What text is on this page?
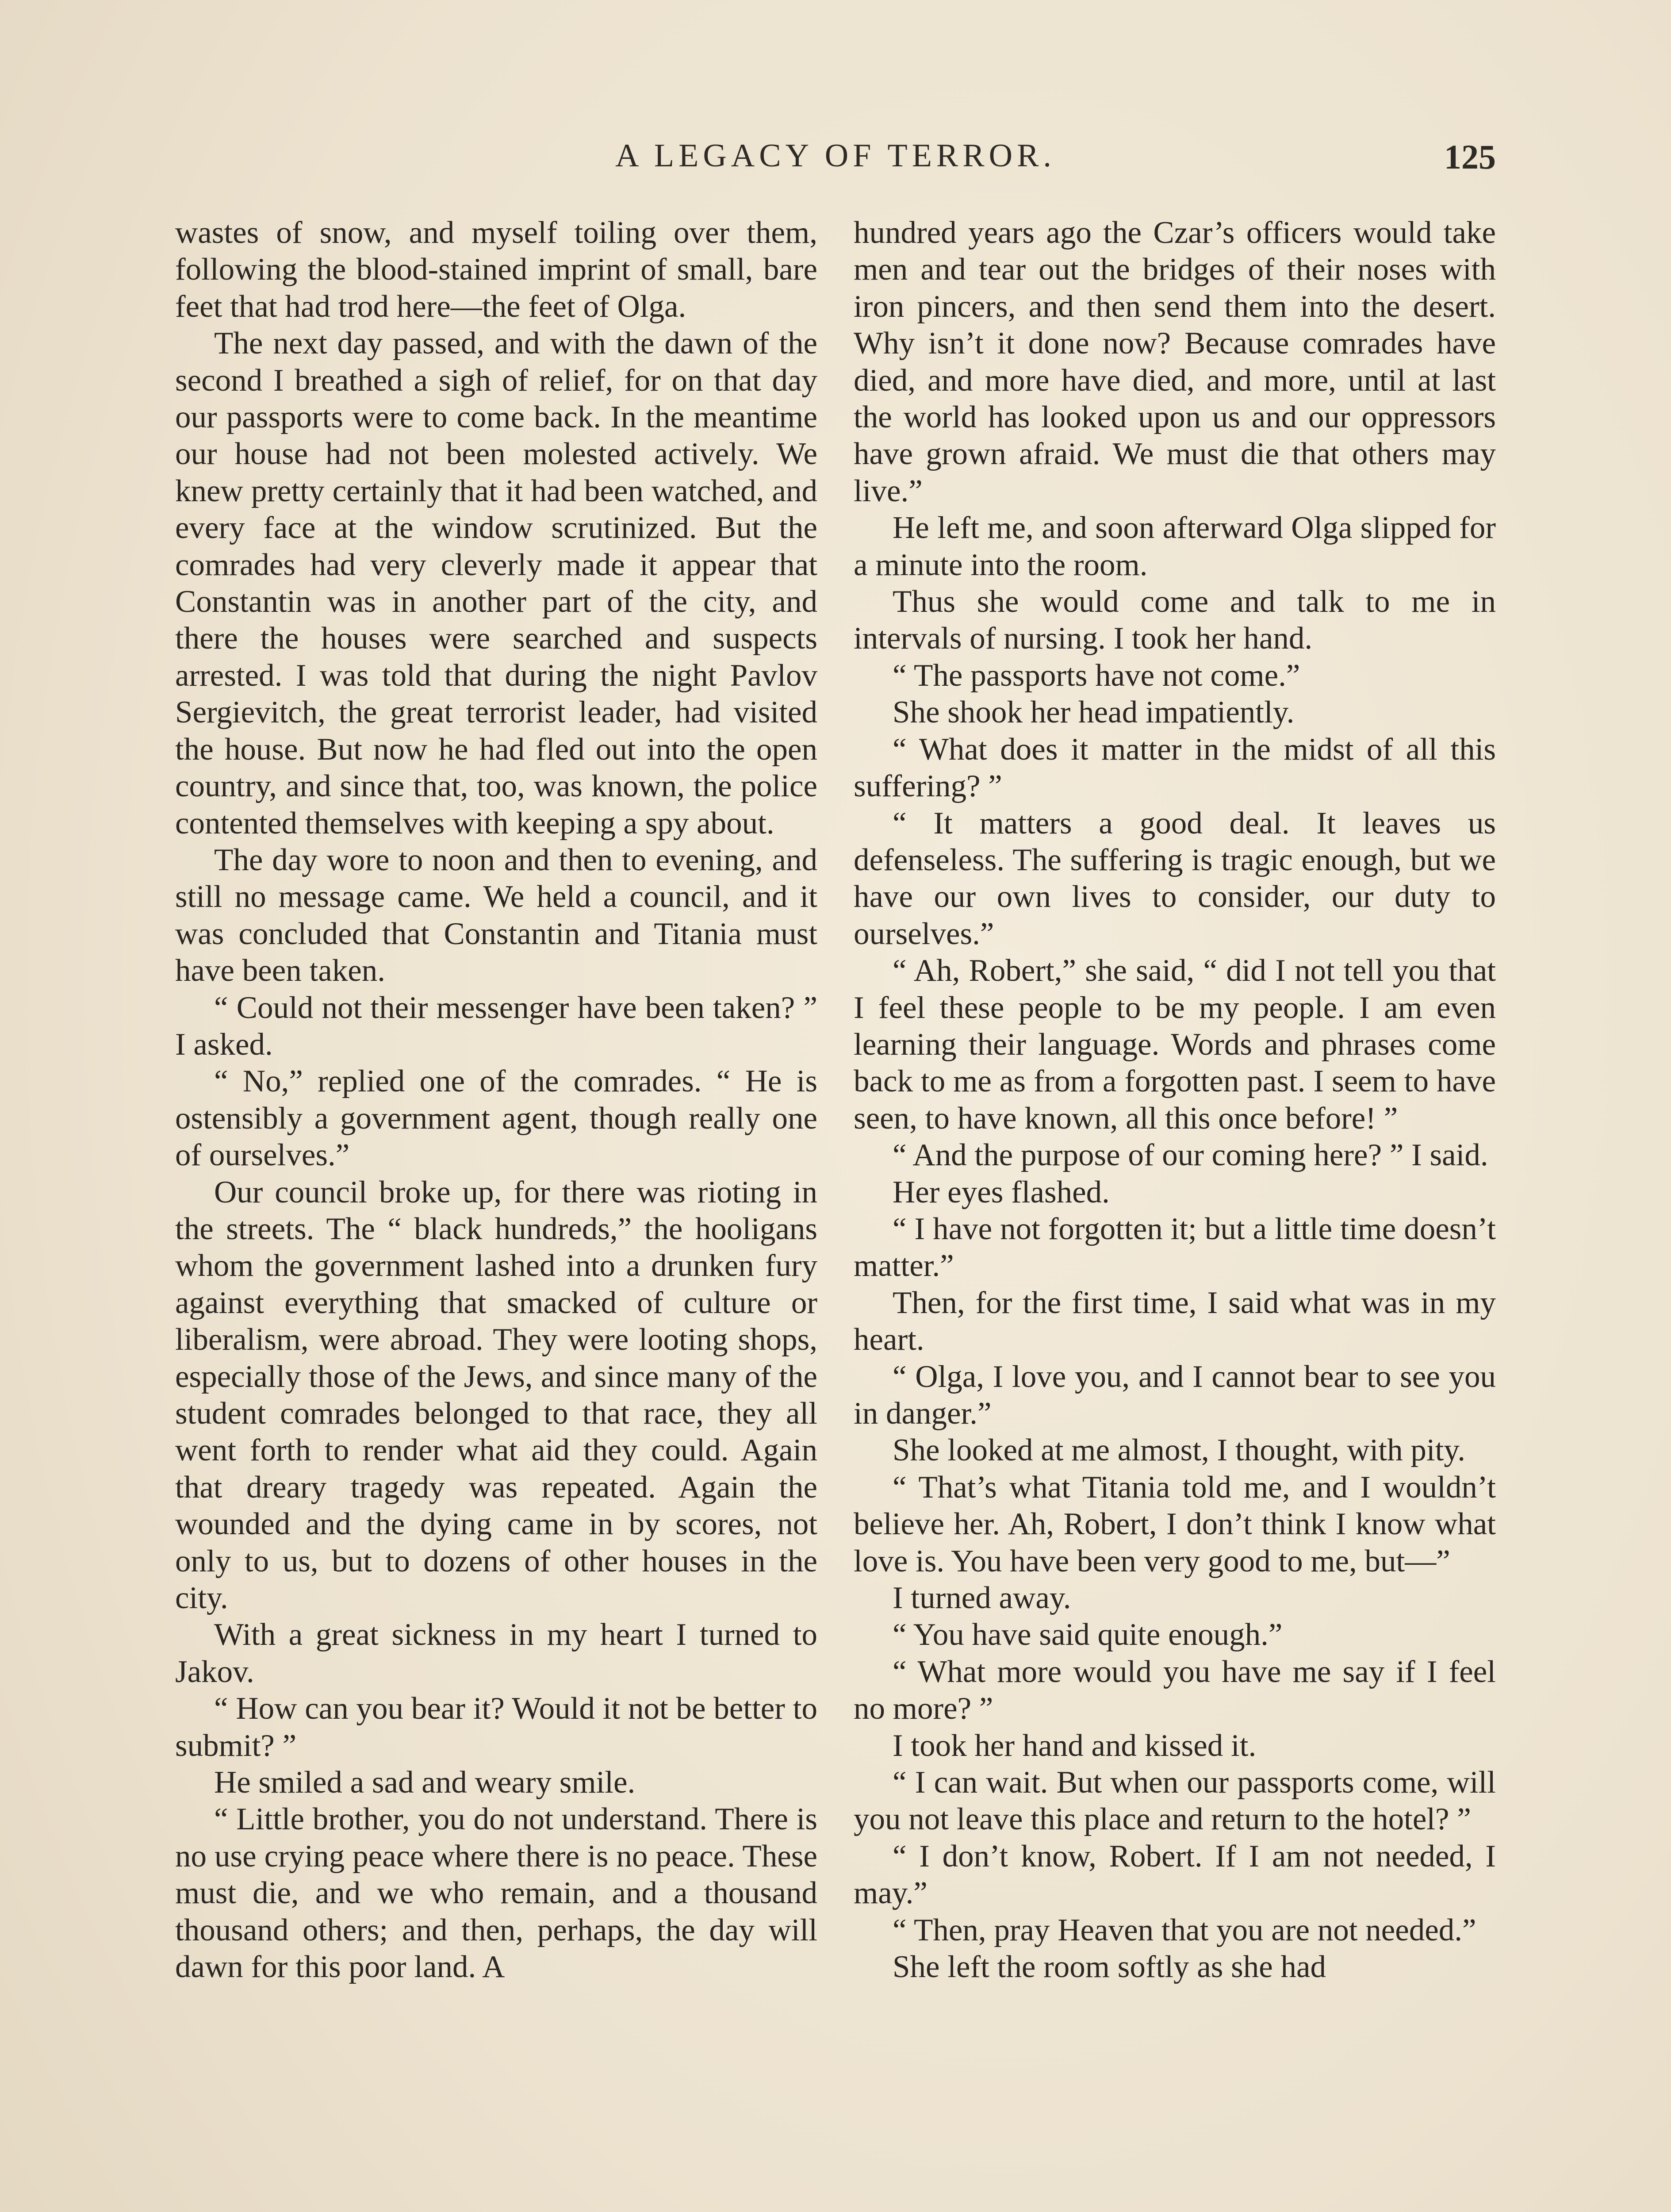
A LEGACY OF TERROR.	125

wastes of snow, and myself toiling over them, following the blood-stained imprint of small, bare feet that had trod here—the feet of Olga.

The next day passed, and with the dawn of the second I breathed a sigh of relief, for on that day our passports were to come back. In the meantime our house had not been molested actively. We knew pretty certainly that it had been watched, and every face at the window scrutinized. But the comrades had very cleverly made it appear that Constantin was in another part of the city, and there the houses were searched and suspects arrested. I was told that during the night Pavlov Sergievitch, the great terrorist leader, had visited the house. But now he had fled out into the open country, and since that, too, was known, the police contented themselves with keeping a spy about.

The day wore to noon and then to evening, and still no message came. We held a council, and it was concluded that Constantin and Titania must have been taken.

“ Could not their messenger have been taken? ” I asked.

“ No,” replied one of the comrades. “ He is ostensibly a government agent, though really one of ourselves.”

Our council broke up, for there was rioting in the streets. The “ black hundreds,” the hooligans whom the government lashed into a drunken fury against everything that smacked of culture or liberalism, were abroad. They were looting shops, especially those of the Jews, and since many of the student comrades belonged to that race, they all went forth to render what aid they could. Again that dreary tragedy was repeated. Again the wounded and the dying came in by scores, not only to us, but to dozens of other houses in the city.

With a great sickness in my heart I turned to Jakov.

“ How can you bear it? Would it not be better to submit? ”

He smiled a sad and weary smile.

“ Little brother, you do not understand. There is no use crying peace where there is no peace. These must die, and we who remain, and a thousand thousand others; and then, perhaps, the day will dawn for this poor land. A

hundred years ago the Czar’s officers would take men and tear out the bridges of their noses with iron pincers, and then send them into the desert. Why isn’t it done now? Because comrades have died, and more have died, and more, until at last the world has looked upon us and our oppressors have grown afraid. We must die that others may live.”

He left me, and soon afterward Olga slipped for a minute into the room.

Thus she would come and talk to me in intervals of nursing. I took her hand.

“ The passports have not come.”

She shook her head impatiently.

“ What does it matter in the midst of all this suffering? ”

“ It matters a good deal. It leaves us defenseless. The suffering is tragic enough, but we have our own lives to consider, our duty to ourselves.”

“ Ah, Robert,” she said, “ did I not tell you that I feel these people to be my people. I am even learning their language. Words and phrases come back to me as from a forgotten past. I seem to have seen, to have known, all this once before! ”

“ And the purpose of our coming here? ” I said.

Her eyes flashed.

“ I have not forgotten it; but a little time doesn’t matter.”

Then, for the first time, I said what was in my heart.

“ Olga, I love you, and I cannot bear to see you in danger.”

She looked at me almost, I thought, with pity.

“ That’s what Titania told me, and I wouldn’t believe her. Ah, Robert, I don’t think I know what love is. You have been very good to me, but—”

I turned away.

“ You have said quite enough.”

“ What more would you have me say if I feel no more? ”

I took her hand and kissed it.

“ I can wait. But when our passports come, will you not leave this place and return to the hotel? ”

“ I don’t know, Robert. If I am not needed, I may.”

“ Then, pray Heaven that you are not needed.”

She left the room softly as she had
